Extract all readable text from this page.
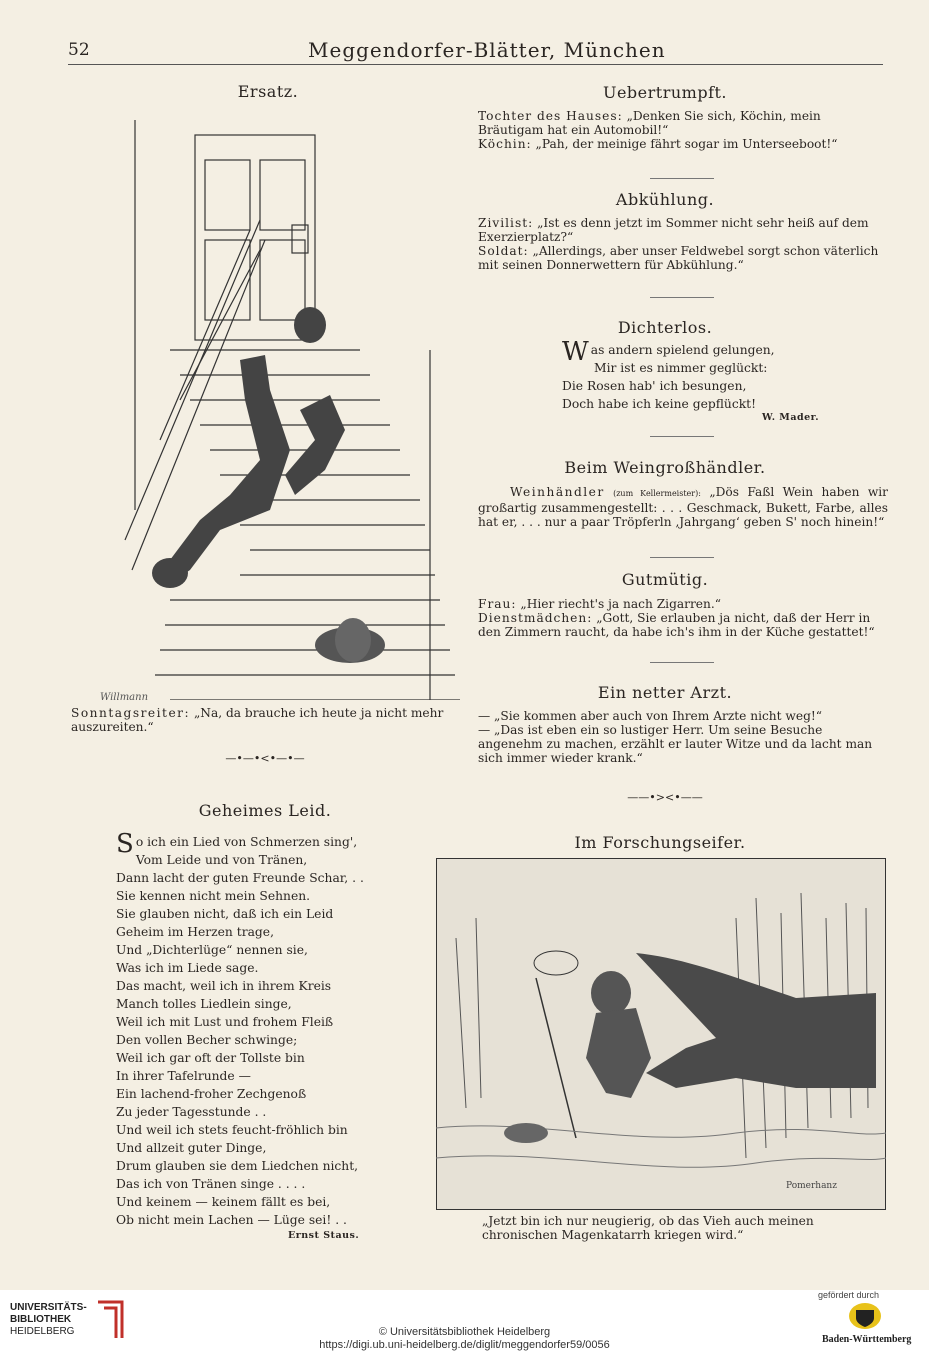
52	Meggendorfer-Blätter, München
Ersatz.
Willmann
Sonntagsreiter: „Na, da brauche ich heute ja nicht mehr auszureiten.“
—•—•<•—•—
Uebertrumpft.
Tochter des Hauses: „Denken Sie sich, Köchin, mein Bräutigam hat ein Automobil!“
Köchin: „Pah, der meinige fährt sogar im Unterseeboot!“
Abkühlung.
Zivilist: „Ist es denn jetzt im Sommer nicht sehr heiß auf dem Exerzierplatz?“
Soldat: „Allerdings, aber unser Feldwebel sorgt schon väterlich mit seinen Donnerwettern für Abkühlung.“
Dichterlos.
W as andern spielend gelungen,
Mir ist es nimmer geglückt:
Die Rosen hab' ich besungen,
Doch habe ich keine gepflückt!
W. Mader.
Beim Weingroßhändler.
Weinhändler (zum Kellermeister): „Dös Faßl Wein haben wir großartig zusammengestellt: . . . Geschmack, Bukett, Farbe, alles hat er, . . . nur a paar Tröpferln ‚Jahrgang‘ geben S' noch hinein!“
Gutmütig.
Frau: „Hier riecht's ja nach Zigarren.“
Dienstmädchen: „Gott, Sie erlauben ja nicht, daß der Herr in den Zimmern raucht, da habe ich's ihm in der Küche gestattet!“
Ein netter Arzt.
— „Sie kommen aber auch von Ihrem Arzte nicht weg!“
— „Das ist eben ein so lustiger Herr. Um seine Besuche angenehm zu machen, erzählt er lauter Witze und da lacht man sich immer wieder krank.“
——•><•——
Geheimes Leid.
S o ich ein Lied von Schmerzen sing',
Vom Leide und von Tränen,
Dann lacht der guten Freunde Schar, . .
Sie kennen nicht mein Sehnen.
Sie glauben nicht, daß ich ein Leid
Geheim im Herzen trage,
Und „Dichterlüge“ nennen sie,
Was ich im Liede sage.
Das macht, weil ich in ihrem Kreis
Manch tolles Liedlein singe,
Weil ich mit Lust und frohem Fleiß
Den vollen Becher schwinge;
Weil ich gar oft der Tollste bin
In ihrer Tafelrunde —
Ein lachend-froher Zechgenoß
Zu jeder Tagesstunde . .
Und weil ich stets feucht-fröhlich bin
Und allzeit guter Dinge,
Drum glauben sie dem Liedchen nicht,
Das ich von Tränen singe . . . .
Und keinem — keinem fällt es bei,
Ob nicht mein Lachen — Lüge sei! . .
Ernst Staus.
Im Forschungseifer.
Pomerhanz
„Jetzt bin ich nur neugierig, ob das Vieh auch meinen chronischen Magenkatarrh kriegen wird.“
UNIVERSITÄTS-
BIBLIOTHEK
HEIDELBERG	© Universitätsbibliothek Heidelberg
https://digi.ub.uni-heidelberg.de/diglit/meggendorfer59/0056
gefördert durch
Baden-Württemberg
